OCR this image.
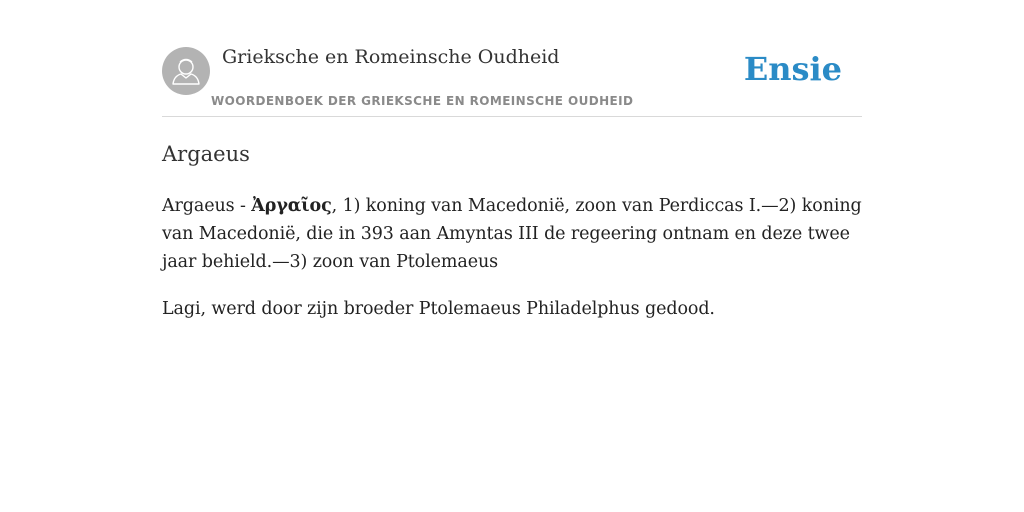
Grieksche en Romeinsche Oudheid
WOORDENBOEK DER GRIEKSCHE EN ROMEINSCHE OUDHEID
Ensie
Argaeus

Argaeus - Ἀργαῖος, 1) koning van Macedonië, zoon van Perdiccas I.—2) koning van Macedonië, die in 393 aan Amyntas III de regeering ontnam en deze twee jaar behield.—3) zoon van Ptolemaeus

Lagi, werd door zijn broeder Ptolemaeus Philadelphus gedood.
